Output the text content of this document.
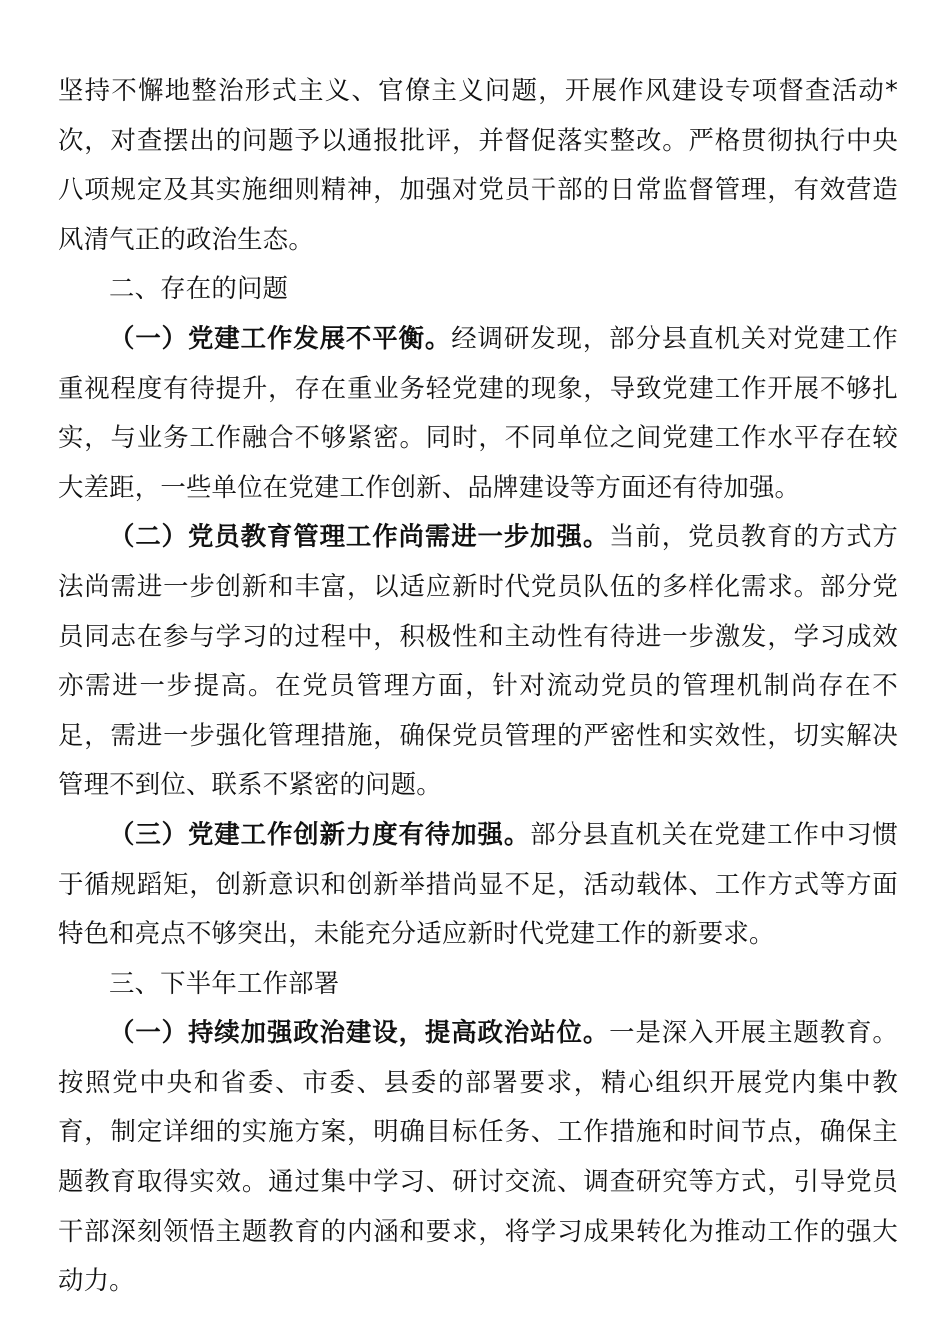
坚持不懈地整治形式主义、官僚主义问题，开展作风建设专项督查活动*次，对查摆出的问题予以通报批评，并督促落实整改。严格贯彻执行中央八项规定及其实施细则精神，加强对党员干部的日常监督管理，有效营造风清气正的政治生态。

二、存在的问题

（一）党建工作发展不平衡。经调研发现，部分县直机关对党建工作重视程度有待提升，存在重业务轻党建的现象，导致党建工作开展不够扎实，与业务工作融合不够紧密。同时，不同单位之间党建工作水平存在较大差距，一些单位在党建工作创新、品牌建设等方面还有待加强。

（二）党员教育管理工作尚需进一步加强。当前，党员教育的方式方法尚需进一步创新和丰富，以适应新时代党员队伍的多样化需求。部分党员同志在参与学习的过程中，积极性和主动性有待进一步激发，学习成效亦需进一步提高。在党员管理方面，针对流动党员的管理机制尚存在不足，需进一步强化管理措施，确保党员管理的严密性和实效性，切实解决管理不到位、联系不紧密的问题。

（三）党建工作创新力度有待加强。部分县直机关在党建工作中习惯于循规蹈矩，创新意识和创新举措尚显不足，活动载体、工作方式等方面特色和亮点不够突出，未能充分适应新时代党建工作的新要求。

三、下半年工作部署

（一）持续加强政治建设，提高政治站位。一是深入开展主题教育。按照党中央和省委、市委、县委的部署要求，精心组织开展党内集中教育，制定详细的实施方案，明确目标任务、工作措施和时间节点，确保主题教育取得实效。通过集中学习、研讨交流、调查研究等方式，引导党员干部深刻领悟主题教育的内涵和要求，将学习成果转化为推动工作的强大动力。
